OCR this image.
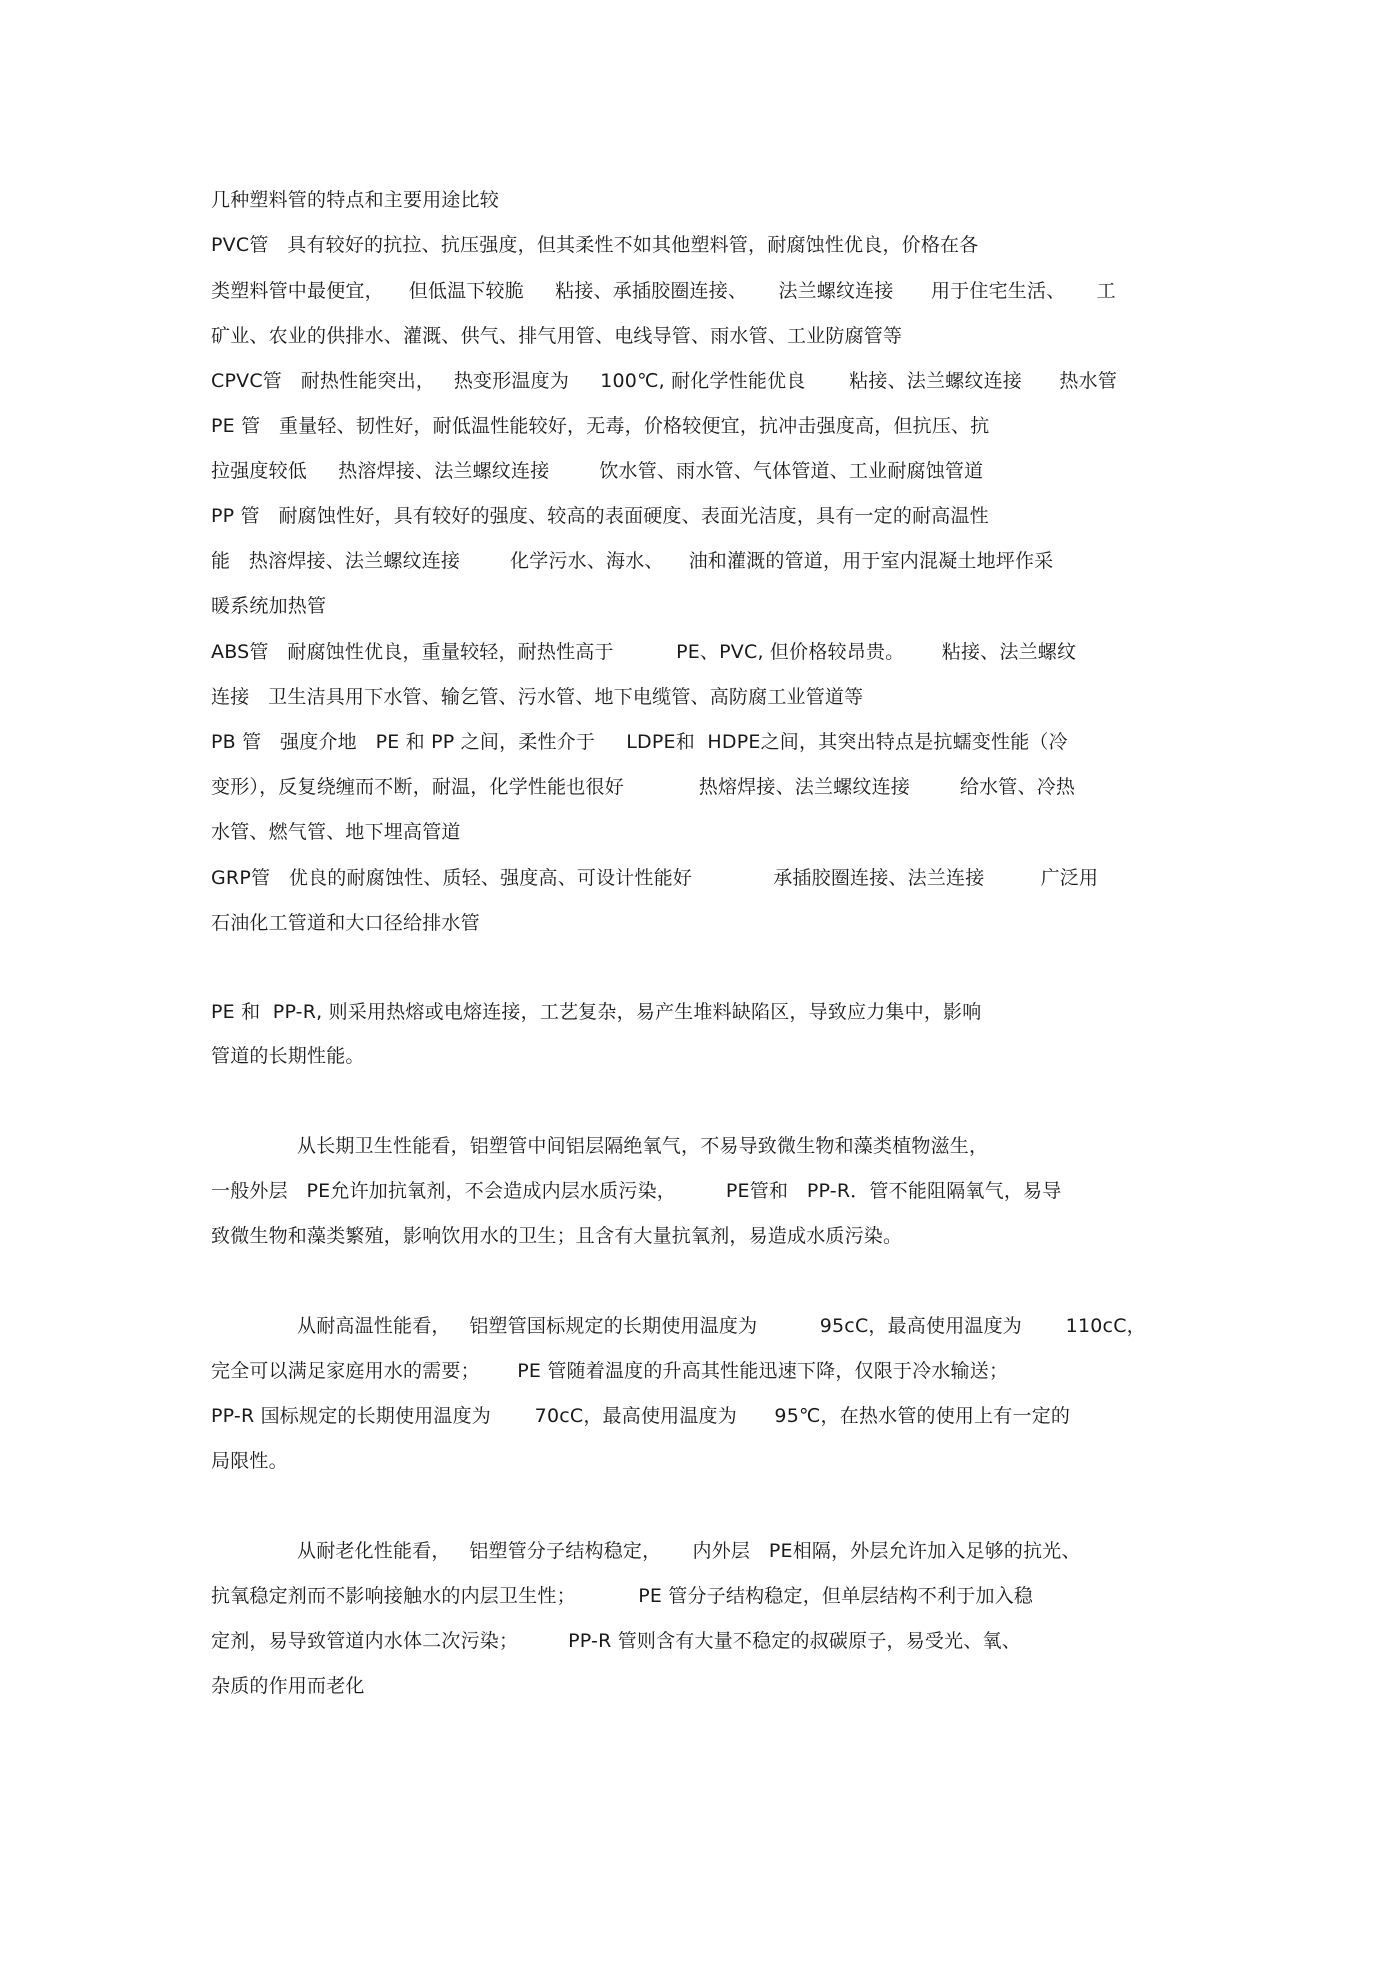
几种塑料管的特点和主要用途比较
PVC管   具有较好的抗拉、抗压强度，但其柔性不如其他塑料管，耐腐蚀性优良，价格在各
类塑料管中最便宜，    但低温下较脆     粘接、承插胶圈连接、     法兰螺纹连接      用于住宅生活、     工
矿业、农业的供排水、灌溉、供气、排气用管、电线导管、雨水管、工业防腐管等
CPVC管   耐热性能突出，   热变形温度为     100℃, 耐化学性能优良       粘接、法兰螺纹连接      热水管
PE 管   重量轻、韧性好，耐低温性能较好，无毒，价格较便宜，抗冲击强度高，但抗压、抗
拉强度较低     热溶焊接、法兰螺纹连接        饮水管、雨水管、气体管道、工业耐腐蚀管道
PP 管   耐腐蚀性好，具有较好的强度、较高的表面硬度、表面光洁度，具有一定的耐高温性
能   热溶焊接、法兰螺纹连接        化学污水、海水、    油和灌溉的管道，用于室内混凝土地坪作采
暖系统加热管
ABS管   耐腐蚀性优良，重量较轻，耐热性高于          PE、PVC, 但价格较昂贵。      粘接、法兰螺纹
连接   卫生洁具用下水管、输乞管、污水管、地下电缆管、高防腐工业管道等
PB 管   强度介地   PE 和 PP 之间，柔性介于     LDPE和  HDPE之间，其突出特点是抗蠕变性能（冷
变形），反复绕缠而不断，耐温，化学性能也很好            热熔焊接、法兰螺纹连接        给水管、冷热
水管、燃气管、地下埋高管道
GRP管   优良的耐腐蚀性、质轻、强度高、可设计性能好             承插胶圈连接、法兰连接         广泛用
石油化工管道和大口径给排水管
PE 和  PP-R, 则采用热熔或电熔连接，工艺复杂，易产生堆料缺陷区，导致应力集中，影响
管道的长期性能。
从长期卫生性能看，铝塑管中间铝层隔绝氧气，不易导致微生物和藻类植物滋生，
一般外层   PE允许加抗氧剂，不会造成内层水质污染，        PE管和   PP-R．管不能阻隔氧气，易导
致微生物和藻类繁殖，影响饮用水的卫生；且含有大量抗氧剂，易造成水质污染。
从耐高温性能看，   铝塑管国标规定的长期使用温度为          95cC，最高使用温度为       110cC，
完全可以满足家庭用水的需要；      PE 管随着温度的升高其性能迅速下降，仅限于冷水输送；
PP-R 国标规定的长期使用温度为       70cC，最高使用温度为      95℃，在热水管的使用上有一定的
局限性。
从耐老化性能看，   铝塑管分子结构稳定，     内外层   PE相隔，外层允许加入足够的抗光、
抗氧稳定剂而不影响接触水的内层卫生性；          PE 管分子结构稳定，但单层结构不利于加入稳
定剂，易导致管道内水体二次污染；        PP-R 管则含有大量不稳定的叔碳原子，易受光、氧、
杂质的作用而老化
